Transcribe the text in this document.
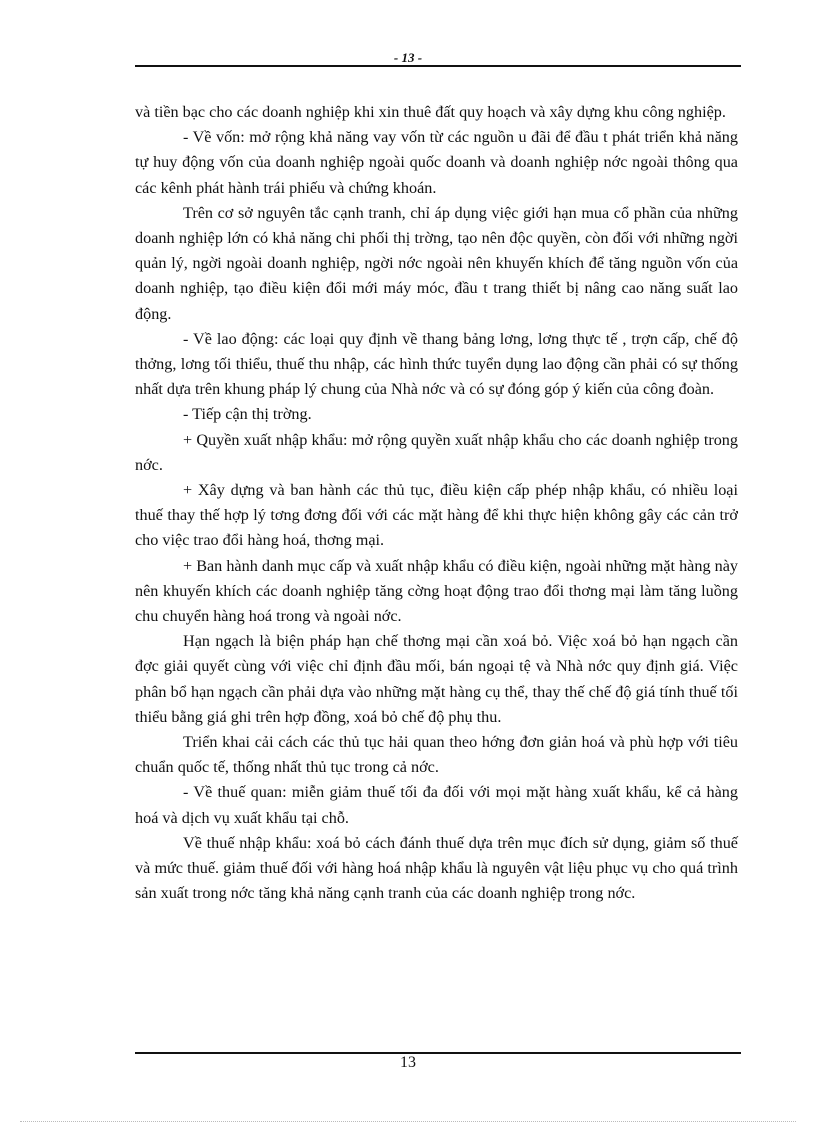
- 13 -

và tiền bạc cho các doanh nghiệp khi xin thuê đất quy hoạch và xây dựng khu công nghiệp.

- Về vốn: mở rộng khả năng vay vốn từ các nguồn u đãi để đầu t phát triển khả năng tự huy động vốn của doanh nghiệp ngoài quốc doanh và doanh nghiệp nớc ngoài thông qua các kênh phát hành trái phiếu và chứng khoán.

Trên cơ sở nguyên tắc cạnh tranh, chỉ áp dụng việc giới hạn mua cổ phần của những doanh nghiệp lớn có khả năng chi phối thị trờng, tạo nên độc quyền, còn đối với những ngời quản lý, ngời ngoài doanh nghiệp, ngời nớc ngoài nên khuyến khích để tăng nguồn vốn của doanh nghiệp, tạo điều kiện đổi mới máy móc, đầu t trang thiết bị nâng cao năng suất lao động.

- Về lao động: các loại quy định về thang bảng lơng, lơng thực tế , trợn cấp, chế độ thởng, lơng tối thiểu, thuế thu nhập, các hình thức tuyển dụng lao động cần phải có sự thống nhất dựa trên khung pháp lý chung của Nhà nớc và có sự đóng góp ý kiến của công đoàn.

- Tiếp cận thị trờng.

+ Quyền xuất nhập khẩu: mở rộng quyền xuất nhập khẩu cho các doanh nghiệp trong nớc.

+ Xây dựng và ban hành các thủ tục, điều kiện cấp phép nhập khẩu, có nhiều loại thuế thay thế hợp lý tơng đơng đối với các mặt hàng để khi thực hiện không gây các cản trở cho việc trao đổi hàng hoá, thơng mại.

+ Ban hành danh mục cấp và xuất nhập khẩu có điều kiện, ngoài những mặt hàng này nên khuyến khích các doanh nghiệp tăng cờng hoạt động trao đổi thơng mại làm tăng luồng chu chuyển hàng hoá trong và ngoài nớc.

Hạn ngạch là biện pháp hạn chế thơng mại cần xoá bỏ. Việc xoá bỏ hạn ngạch cần đợc giải quyết cùng với việc chỉ định đầu mối, bán ngoại tệ và Nhà nớc quy định giá. Việc phân bổ hạn ngạch cần phải dựa vào những mặt hàng cụ thể, thay thế chế độ giá tính thuế tối thiểu bằng giá ghi trên hợp đồng, xoá bỏ chế độ phụ thu.

Triển khai cải cách các thủ tục hải quan theo hớng đơn giản hoá và phù hợp với tiêu chuẩn quốc tế, thống nhất thủ tục trong cả nớc.

- Về thuế quan: miễn giảm thuế tối đa đối với mọi mặt hàng xuất khẩu, kể cả hàng hoá và dịch vụ xuất khẩu tại chỗ.

Về thuế nhập khẩu: xoá bỏ cách đánh thuế dựa trên mục đích sử dụng, giảm số thuế và mức thuế. giảm thuế đối với hàng hoá nhập khẩu là nguyên vật liệu phục vụ cho quá trình sản xuất trong nớc tăng khả năng cạnh tranh của các doanh nghiệp trong nớc.

13
